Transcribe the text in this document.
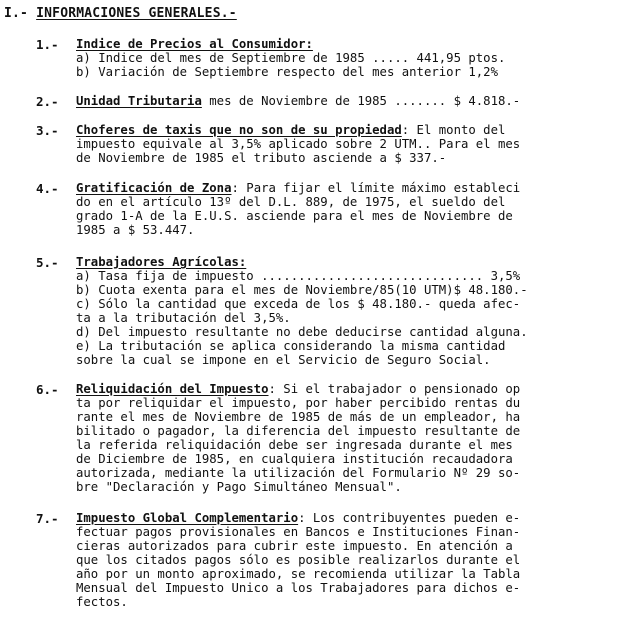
I.- INFORMACIONES GENERALES.-
1.- Indice de Precios al Consumidor:
a) Indice del mes de Septiembre de 1985 ..... 441,95 ptos.
b) Variación de Septiembre respecto del mes anterior 1,2%
2.- Unidad Tributaria mes de Noviembre de 1985 ....... $ 4.818.-
3.- Choferes de taxis que no son de su propiedad: El monto del
impuesto equivale al 3,5% aplicado sobre 2 UTM.. Para el mes
de Noviembre de 1985 el tributo asciende a $ 337.-
4.- Gratificación de Zona: Para fijar el límite máximo estableci
do en el artículo 13º del D.L. 889, de 1975, el sueldo del
grado 1-A de la E.U.S. asciende para el mes de Noviembre de
1985 a $ 53.447.
5.- Trabajadores Agrícolas:
a) Tasa fija de impuesto .............................. 3,5%
b) Cuota exenta para el mes de Noviembre/85(10 UTM)$ 48.180.-
c) Sólo la cantidad que exceda de los $ 48.180.- queda afec-
ta a la tributación del 3,5%.
d) Del impuesto resultante no debe deducirse cantidad alguna.
e) La tributación se aplica considerando la misma cantidad
sobre la cual se impone en el Servicio de Seguro Social.
6.- Reliquidación del Impuesto: Si el trabajador o pensionado op
ta por reliquidar el impuesto, por haber percibido rentas du
rante el mes de Noviembre de 1985 de más de un empleador, ha
bilitado o pagador, la diferencia del impuesto resultante de
la referida reliquidación debe ser ingresada durante el mes
de Diciembre de 1985, en cualquiera institución recaudadora
autorizada, mediante la utilización del Formulario Nº 29 so-
bre "Declaración y Pago Simultáneo Mensual".
7.- Impuesto Global Complementario: Los contribuyentes pueden e-
fectuar pagos provisionales en Bancos e Instituciones Finan-
cieras autorizados para cubrir este impuesto. En atención a
que los citados pagos sólo es posible realizarlos durante el
año por un monto aproximado, se recomienda utilizar la Tabla
Mensual del Impuesto Unico a los Trabajadores para dichos e-
fectos.
